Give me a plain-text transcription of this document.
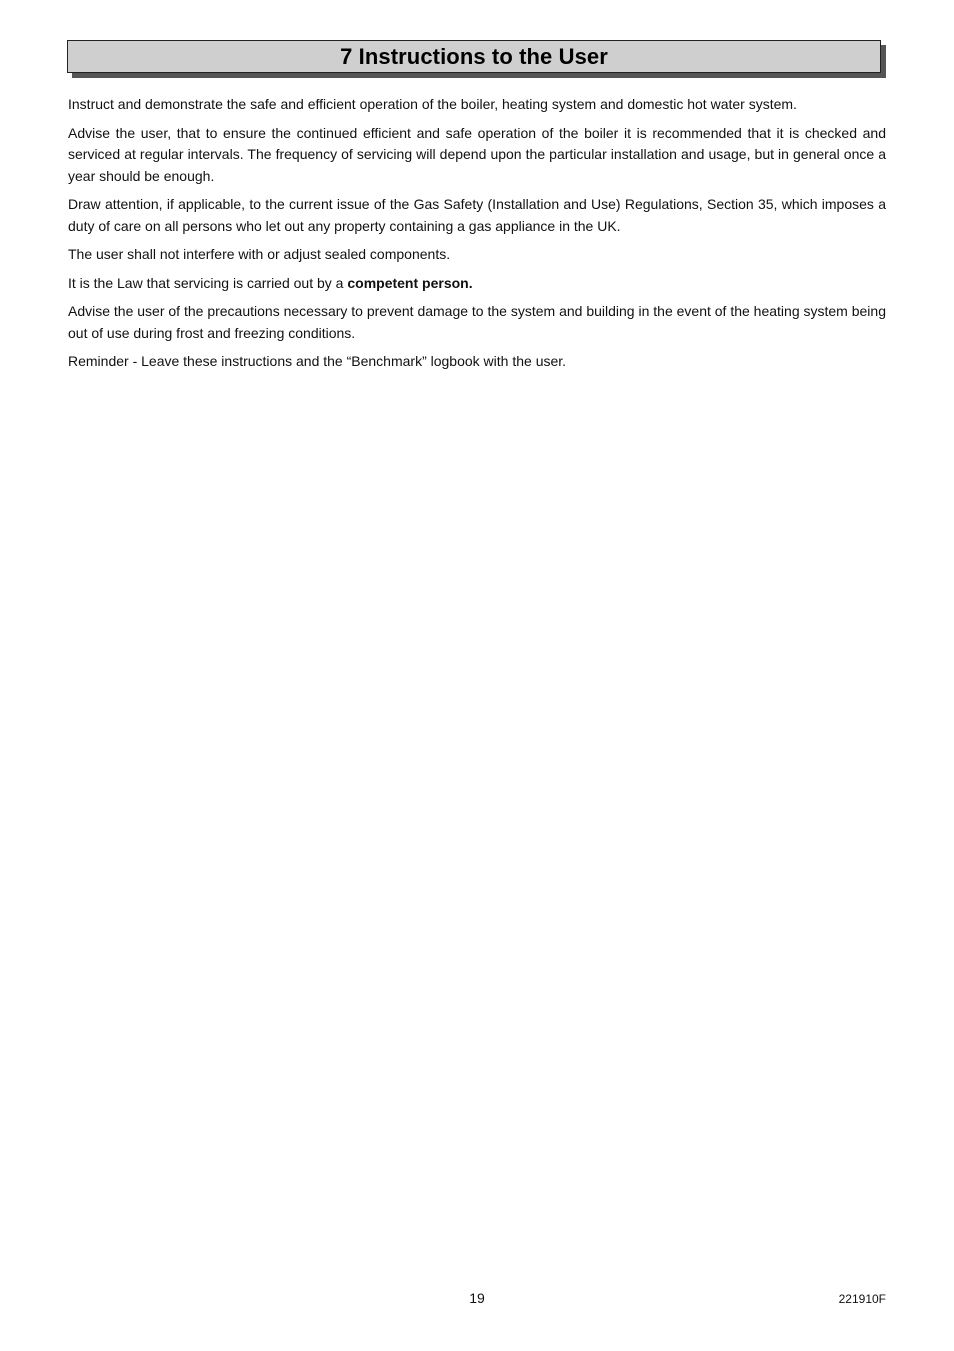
7 Instructions to the User

Instruct and demonstrate the safe and efficient operation of the boiler, heating system and domestic hot water system.

Advise the user, that to ensure the continued efficient and safe operation of the boiler it is recommended that it is checked and serviced at regular intervals. The frequency of servicing will depend upon the particular installation and usage, but in general once a year should be enough.

Draw attention, if applicable, to the current issue of the Gas Safety (Installation and Use) Regulations, Section 35, which imposes a duty of care on all persons who let out any property containing a gas appliance in the UK.

The user shall not interfere with or adjust sealed components.

It is the Law that servicing is carried out by a competent person.

Advise the user of the precautions necessary to prevent damage to the system and building in the event of the heating system being out of use during frost and freezing conditions.

Reminder - Leave these instructions and the “Benchmark” logbook with the user.

19	221910F
